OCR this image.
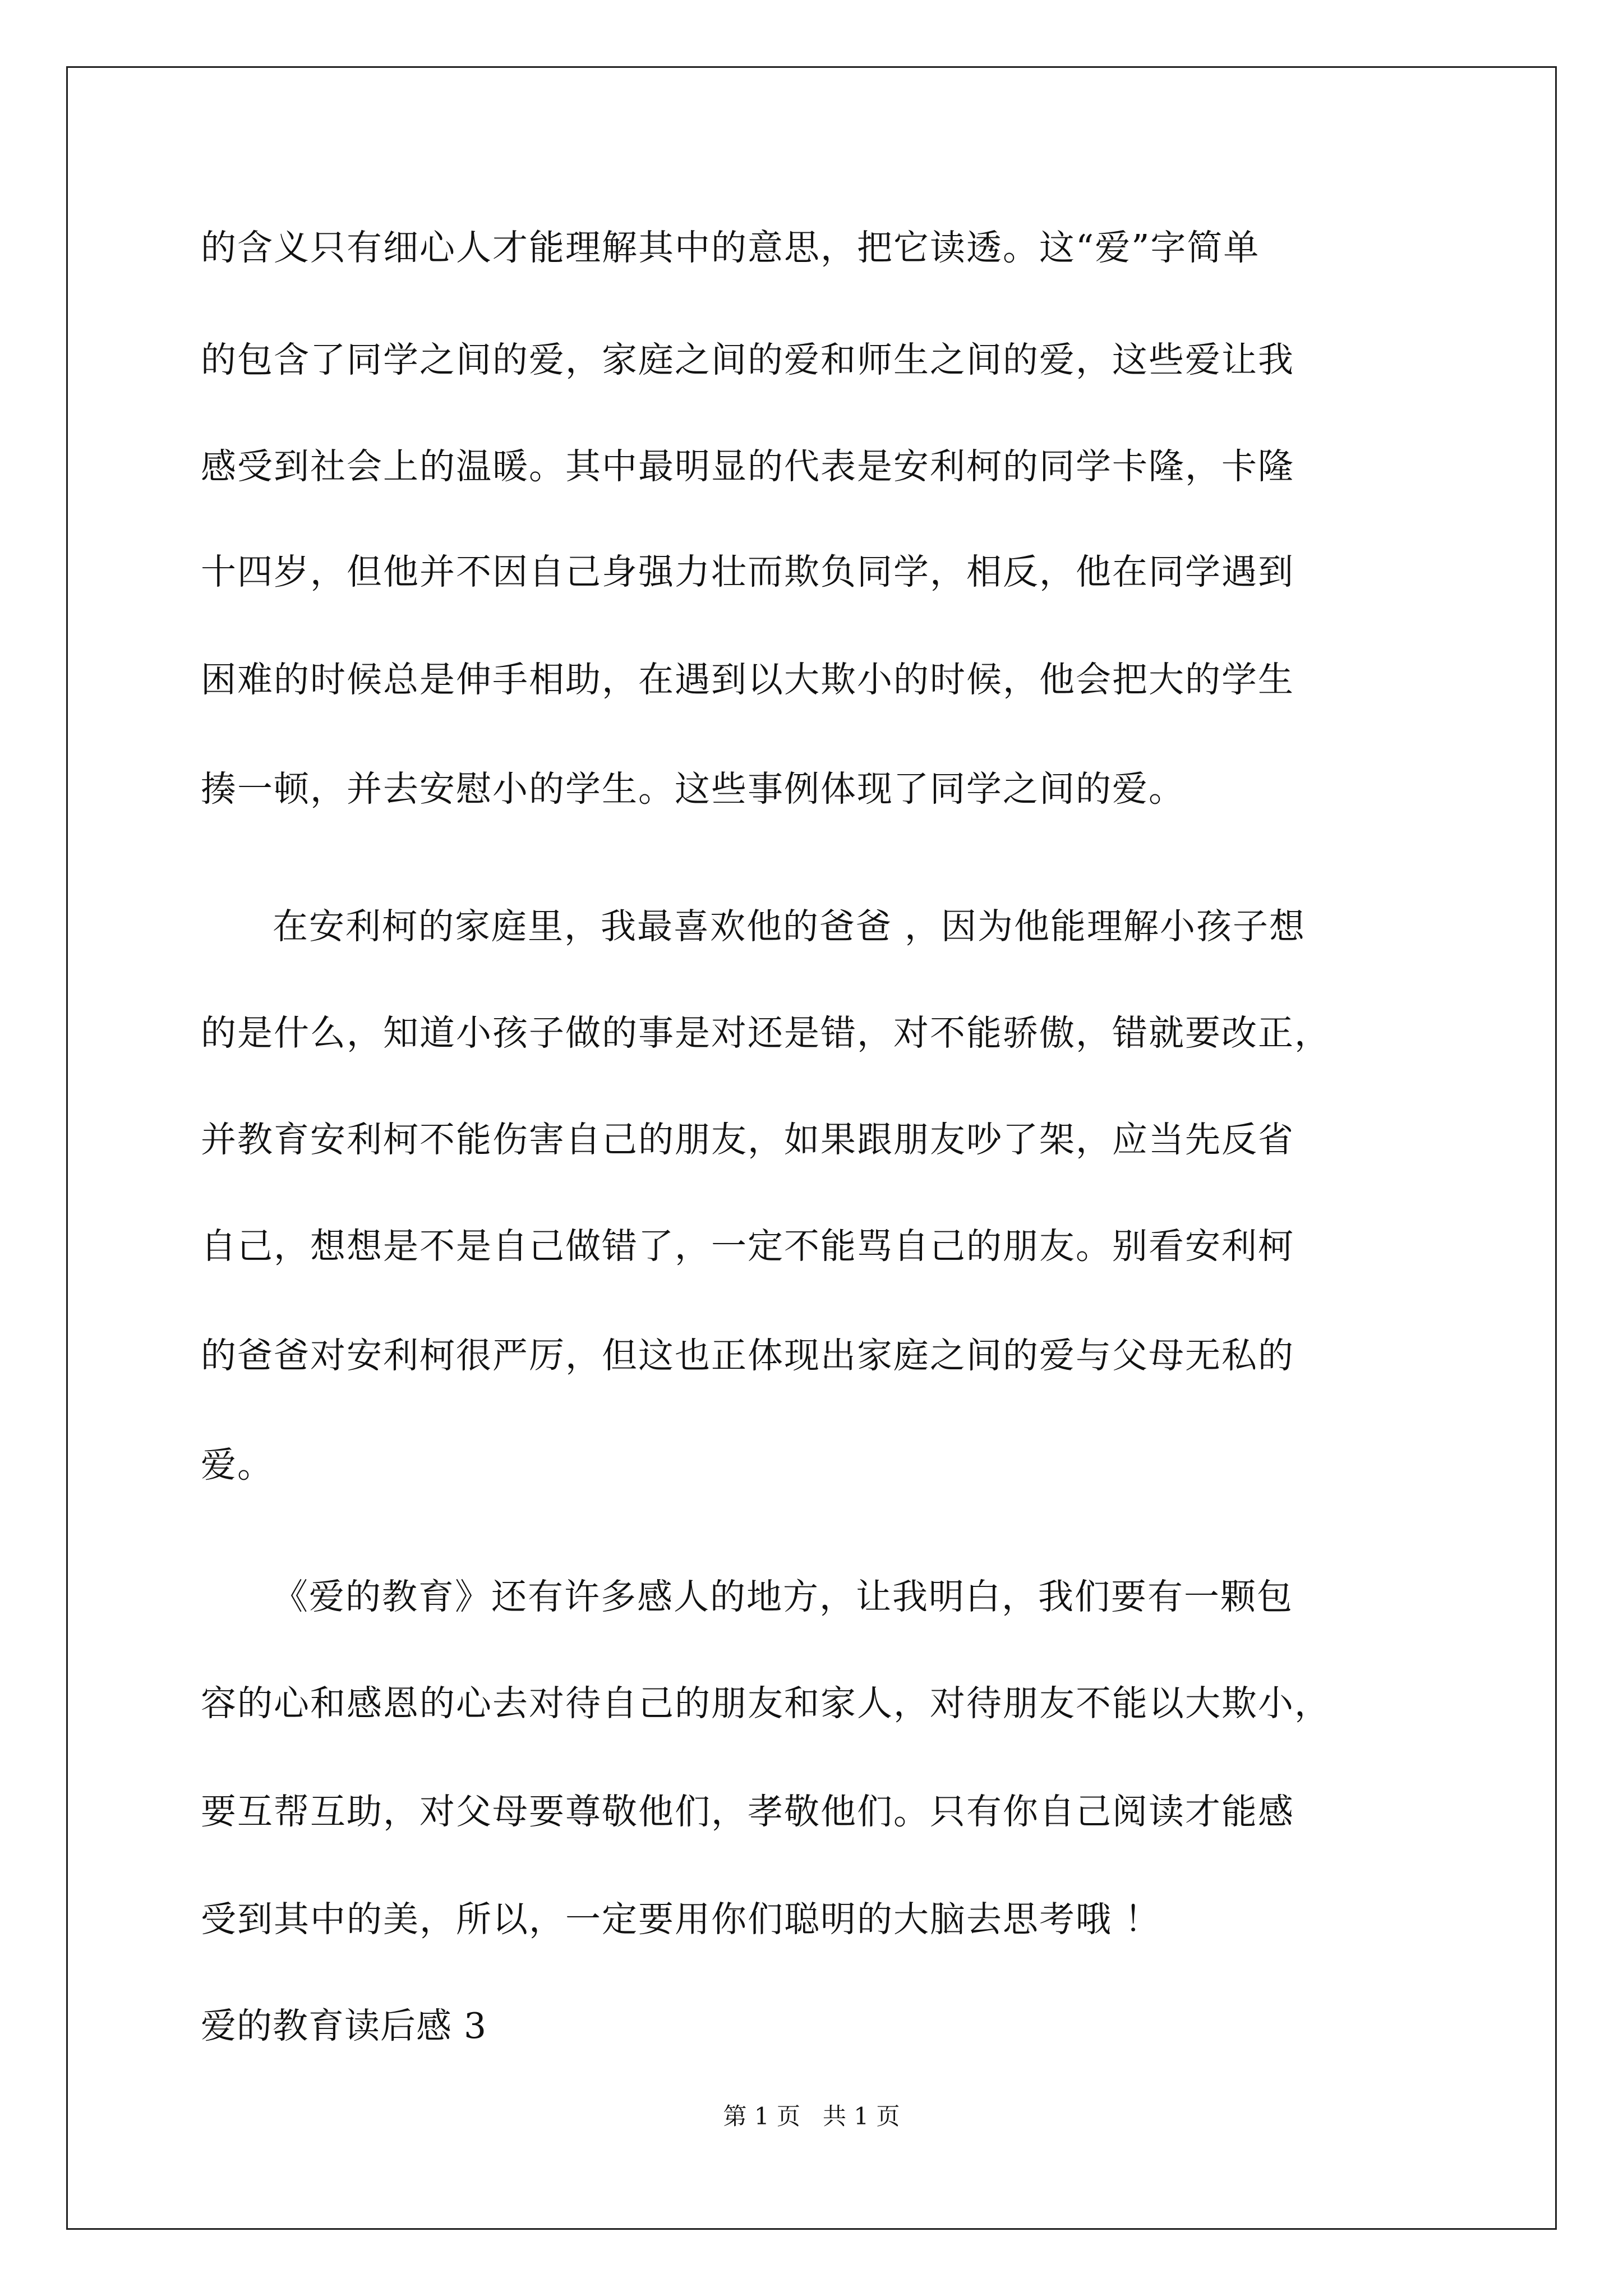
的含义只有细心人才能理解其中的意思，把它读透。这“爱”字简单
的包含了同学之间的爱，家庭之间的爱和师生之间的爱，这些爱让我
感受到社会上的温暖。其中最明显的代表是安利柯的同学卡隆，卡隆
十四岁，但他并不因自己身强力壮而欺负同学，相反，他在同学遇到
困难的时候总是伸手相助，在遇到以大欺小的时候，他会把大的学生
揍一顿，并去安慰小的学生。这些事例体现了同学之间的爱。
在安利柯的家庭里，我最喜欢他的爸爸 ，因为他能理解小孩子想
的是什么，知道小孩子做的事是对还是错，对不能骄傲，错就要改正，
并教育安利柯不能伤害自己的朋友，如果跟朋友吵了架，应当先反省
自己，想想是不是自己做错了，一定不能骂自己的朋友。别看安利柯
的爸爸对安利柯很严厉，但这也正体现出家庭之间的爱与父母无私的
爱。
《爱的教育》还有许多感人的地方，让我明白，我们要有一颗包
容的心和感恩的心去对待自己的朋友和家人，对待朋友不能以大欺小，
要互帮互助，对父母要尊敬他们，孝敬他们。只有你自己阅读才能感
受到其中的美，所以，一定要用你们聪明的大脑去思考哦 ！
爱的教育读后感 3
第 1 页   共 1 页
